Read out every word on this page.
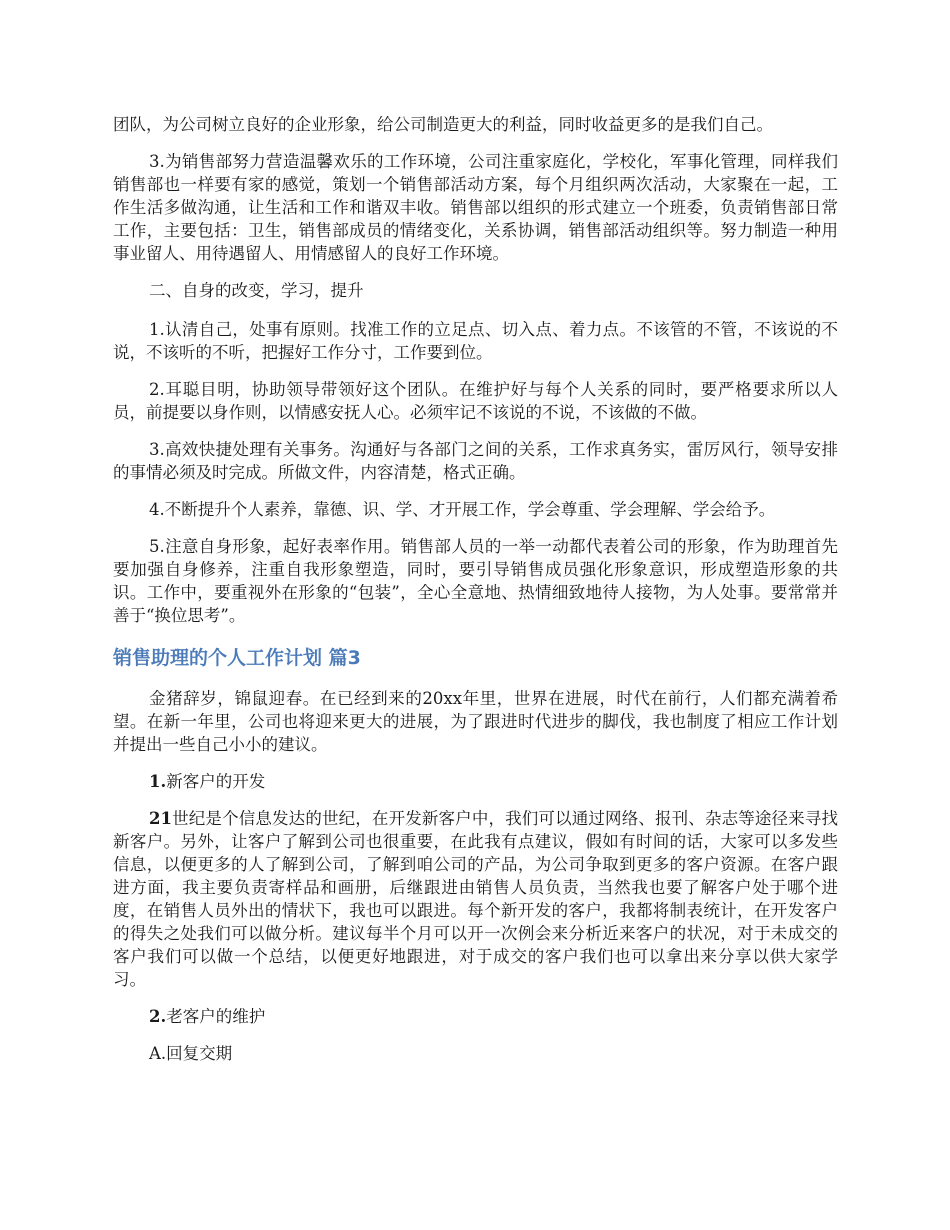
团队，为公司树立良好的企业形象，给公司制造更大的利益，同时收益更多的是我们自己。

3.为销售部努力营造温馨欢乐的工作环境，公司注重家庭化，学校化，军事化管理，同样我们销售部也一样要有家的感觉，策划一个销售部活动方案，每个月组织两次活动，大家聚在一起，工作生活多做沟通，让生活和工作和谐双丰收。销售部以组织的形式建立一个班委，负责销售部日常工作，主要包括：卫生，销售部成员的情绪变化，关系协调，销售部活动组织等。努力制造一种用事业留人、用待遇留人、用情感留人的良好工作环境。

二、自身的改变，学习，提升

1.认清自己，处事有原则。找准工作的立足点、切入点、着力点。不该管的不管，不该说的不说，不该听的不听，把握好工作分寸，工作要到位。

2.耳聪目明，协助领导带领好这个团队。在维护好与每个人关系的同时，要严格要求所以人员，前提要以身作则，以情感安抚人心。必须牢记不该说的不说，不该做的不做。

3.高效快捷处理有关事务。沟通好与各部门之间的关系，工作求真务实，雷厉风行，领导安排的事情必须及时完成。所做文件，内容清楚，格式正确。

4.不断提升个人素养，靠德、识、学、才开展工作，学会尊重、学会理解、学会给予。

5.注意自身形象，起好表率作用。销售部人员的一举一动都代表着公司的形象，作为助理首先要加强自身修养，注重自我形象塑造，同时，要引导销售成员强化形象意识，形成塑造形象的共识。工作中，要重视外在形象的“包装”，全心全意地、热情细致地待人接物，为人处事。要常常并善于“换位思考”。

销售助理的个人工作计划 篇3

金猪辞岁，锦鼠迎春。在已经到来的20xx年里，世界在进展，时代在前行，人们都充满着希望。在新一年里，公司也将迎来更大的进展，为了跟进时代进步的脚伐，我也制度了相应工作计划并提出一些自己小小的建议。

1.新客户的开发

21世纪是个信息发达的世纪，在开发新客户中，我们可以通过网络、报刊、杂志等途径来寻找新客户。另外，让客户了解到公司也很重要，在此我有点建议，假如有时间的话，大家可以多发些信息，以便更多的人了解到公司，了解到咱公司的产品，为公司争取到更多的客户资源。在客户跟进方面，我主要负责寄样品和画册，后继跟进由销售人员负责，当然我也要了解客户处于哪个进度，在销售人员外出的情状下，我也可以跟进。每个新开发的客户，我都将制表统计，在开发客户的得失之处我们可以做分析。建议每半个月可以开一次例会来分析近来客户的状况，对于未成交的客户我们可以做一个总结，以便更好地跟进，对于成交的客户我们也可以拿出来分享以供大家学习。

2.老客户的维护

A.回复交期
